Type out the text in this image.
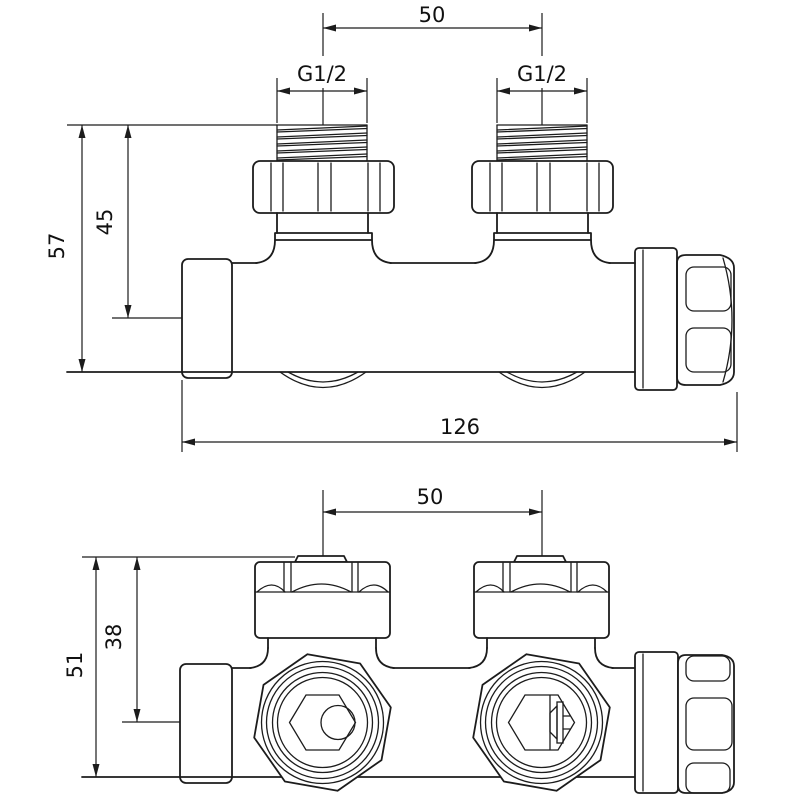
50
G1/2	G1/2
57
45
126
50
51
38
